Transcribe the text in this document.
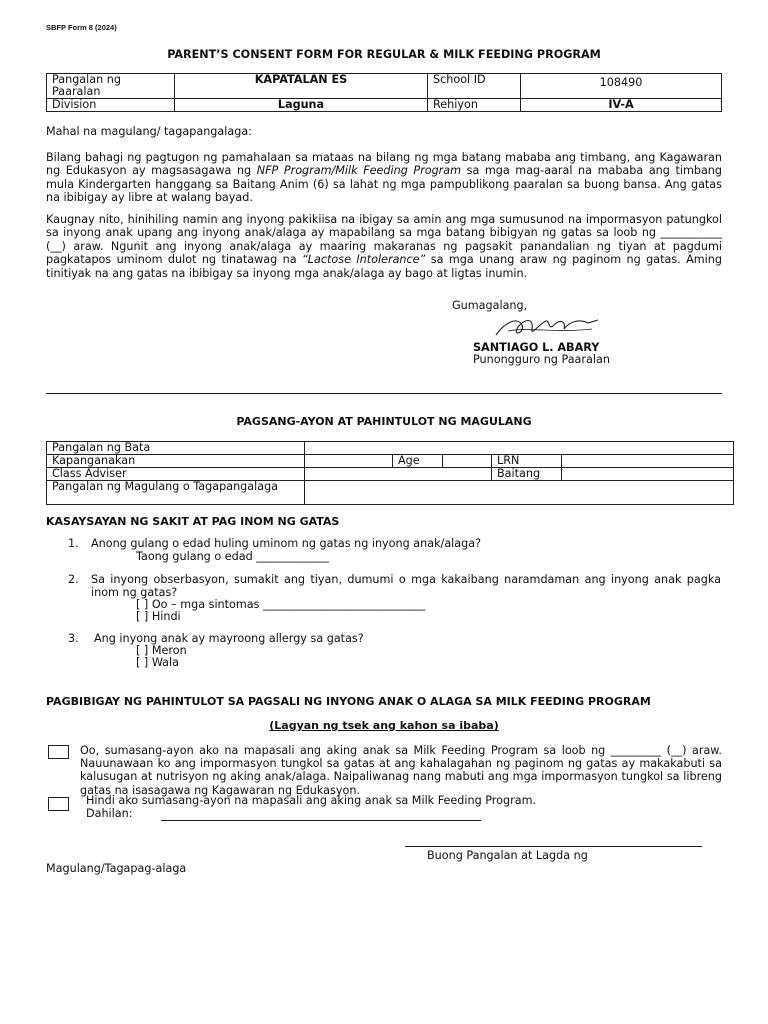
SBFP Form 8 (2024)
PARENT’S CONSENT FORM FOR REGULAR & MILK FEEDING PROGRAM
Pangalan ng Paaralan	KAPATALAN ES	School ID	108490
Division	Laguna	Rehiyon	IV-A
Mahal na magulang/ tagapangalaga:
Bilang bahagi ng pagtugon ng pamahalaan sa mataas na bilang ng mga batang mababa ang timbang, ang Kagawaran ng Edukasyon ay magsasagawa ng NFP Program/Milk Feeding Program sa mga mag-aaral na mababa ang timbang mula Kindergarten hanggang sa Baitang Anim (6) sa lahat ng mga pampublikong paaralan sa buong bansa. Ang gatas na ibibigay ay libre at walang bayad.
Kaugnay nito, hinihiling namin ang inyong pakikiisa na ibigay sa amin ang mga sumusunod na impormasyon patungkol sa inyong anak upang ang inyong anak/alaga ay mapabilang sa mga batang bibigyan ng gatas sa loob ng ___________ (__) araw. Ngunit ang inyong anak/alaga ay maaring makaranas ng pagsakit panandalian ng tiyan at pagdumi pagkatapos uminom dulot ng tinatawag na “Lactose Intolerance” sa mga unang araw ng paginom ng gatas. Aming tinitiyak na ang gatas na ibibigay sa inyong mga anak/alaga ay bago at ligtas inumin.
Gumagalang,
SANTIAGO L. ABARY
Punongguro ng Paaralan
PAGSANG-AYON AT PAHINTULOT NG MAGULANG
Pangalan ng Bata					
Kapanganakan		Age		LRN	
Class Adviser				Baitang	
Pangalan ng Magulang o Tagapangalaga					
KASAYSAYAN NG SAKIT AT PAG INOM NG GATAS
1. Anong gulang o edad huling uminom ng gatas ng inyong anak/alaga?
Taong gulang o edad _____________
2. Sa inyong obserbasyon, sumakit ang tiyan, dumumi o mga kakaibang naramdaman ang inyong anak pagka inom ng gatas?
[ ] Oo – mga sintomas _____________________________
[ ] Hindi
3. Ang inyong anak ay mayroong allergy sa gatas?
[ ] Meron
[ ] Wala
PAGBIBIGAY NG PAHINTULOT SA PAGSALI NG INYONG ANAK O ALAGA SA MILK FEEDING PROGRAM
(Lagyan ng tsek ang kahon sa ibaba)
Oo, sumasang-ayon ako na mapasali ang aking anak sa Milk Feeding Program sa loob ng _________ (__) araw. Nauunawaan ko ang impormasyon tungkol sa gatas at ang kahalagahan ng paginom ng gatas ay makakabuti sa kalusugan at nutrisyon ng aking anak/alaga. Naipaliwanag nang mabuti ang mga impormasyon tungkol sa libreng gatas na isasagawa ng Kagawaran ng Edukasyon.
Hindi ako sumasang-ayon na mapasali ang aking anak sa Milk Feeding Program.
Dahilan:
Buong Pangalan at Lagda ng
Magulang/Tagapag-alaga
